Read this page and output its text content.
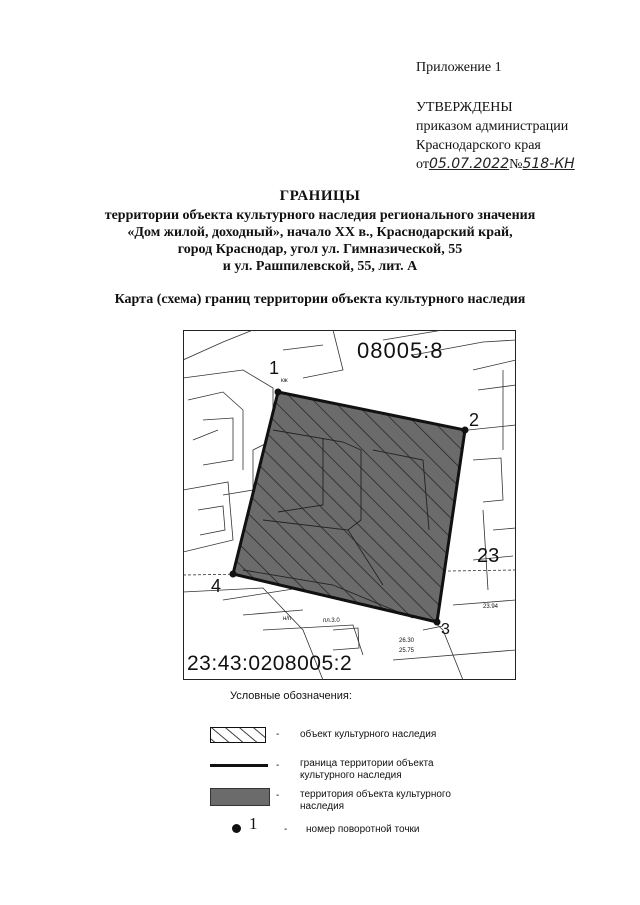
Приложение 1
УТВЕРЖДЕНЫ
приказом администрации
Краснодарского края
от05.07.2022№518-КН
ГРАНИЦЫ
территории объекта культурного наследия регионального значения
«Дом жилой, доходный», начало XX в., Краснодарский край,
город Краснодар, угол ул. Гимназической, 55
и ул. Рашпилевской, 55, лит. А
Карта (схема) границ территории объекта культурного наследия
1
2
3
4
08005:8
23
23:43:0208005:2
23.94
26.30
25.75
кж
н/п	пл.3.0
Условные обозначения:
- объект культурного наследия
- граница территории объекта культурного наследия
- территория объекта культурного наследия
1	- номер поворотной точки
